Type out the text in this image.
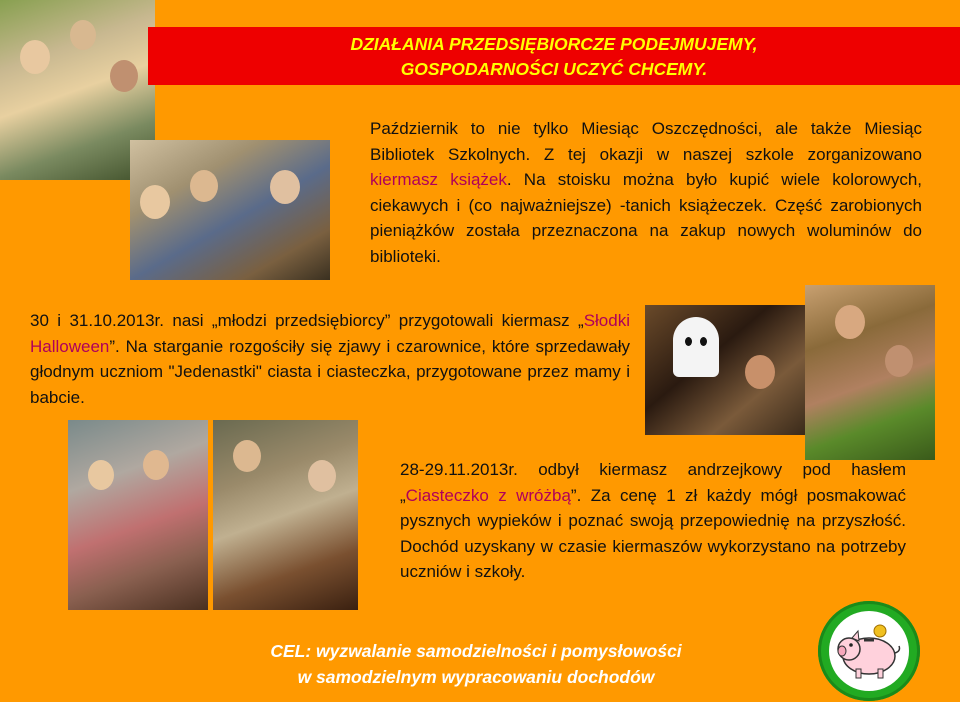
DZIAŁANIA PRZEDSIĘBIORCZE PODEJMUJEMY,
GOSPODARNOŚCI UCZYĆ CHCEMY.

Październik to nie tylko Miesiąc Oszczędności, ale także Miesiąc Bibliotek Szkolnych. Z tej okazji w naszej szkole zorganizowano kiermasz książek. Na stoisku można było kupić wiele kolorowych, ciekawych i (co najważniejsze) -tanich książeczek. Część zarobionych pieniążków została przeznaczona na zakup nowych woluminów do biblioteki.

30 i 31.10.2013r. nasi „młodzi przedsiębiorcy” przygotowali kiermasz „Słodki Halloween”. Na starganie rozgościły się zjawy i czarownice, które sprzedawały głodnym uczniom "Jedenastki" ciasta i ciasteczka, przygotowane przez mamy i babcie.

28-29.11.2013r. odbył kiermasz andrzejkowy pod hasłem „Ciasteczko z wróżbą”. Za cenę 1 zł każdy mógł posmakować pysznych wypieków i poznać swoją przepowiednię na przyszłość. Dochód uzyskany w czasie kiermaszów wykorzystano na potrzeby uczniów i szkoły.

CEL: wyzwalanie samodzielności i pomysłowości
w samodzielnym wypracowaniu dochodów
